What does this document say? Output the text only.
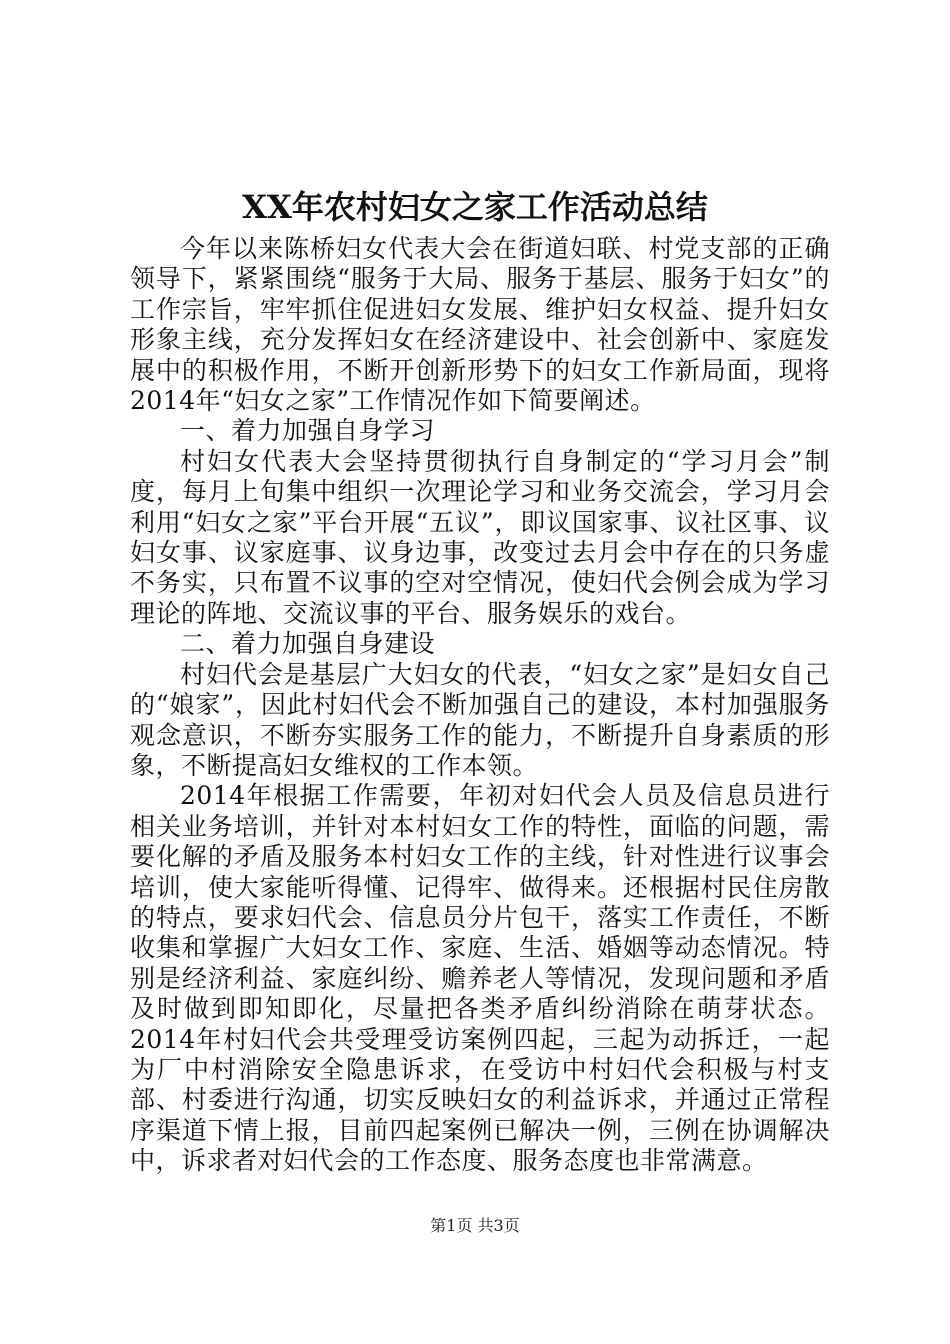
XX年农村妇女之家工作活动总结

今年以来陈桥妇女代表大会在街道妇联、村党支部的正确领导下，紧紧围绕“服务于大局、服务于基层、服务于妇女”的工作宗旨，牢牢抓住促进妇女发展、维护妇女权益、提升妇女形象主线，充分发挥妇女在经济建设中、社会创新中、家庭发展中的积极作用，不断开创新形势下的妇女工作新局面，现将2014年“妇女之家”工作情况作如下简要阐述。

一、着力加强自身学习

村妇女代表大会坚持贯彻执行自身制定的“学习月会”制度，每月上旬集中组织一次理论学习和业务交流会，学习月会利用“妇女之家”平台开展“五议”，即议国家事、议社区事、议妇女事、议家庭事、议身边事，改变过去月会中存在的只务虚不务实，只布置不议事的空对空情况，使妇代会例会成为学习理论的阵地、交流议事的平台、服务娱乐的戏台。

二、着力加强自身建设

村妇代会是基层广大妇女的代表，“妇女之家”是妇女自己的“娘家”，因此村妇代会不断加强自己的建设，本村加强服务观念意识，不断夯实服务工作的能力，不断提升自身素质的形象，不断提高妇女维权的工作本领。

2014年根据工作需要，年初对妇代会人员及信息员进行相关业务培训，并针对本村妇女工作的特性，面临的问题，需要化解的矛盾及服务本村妇女工作的主线，针对性进行议事会培训，使大家能听得懂、记得牢、做得来。还根据村民住房散的特点，要求妇代会、信息员分片包干，落实工作责任，不断收集和掌握广大妇女工作、家庭、生活、婚姻等动态情况。特别是经济利益、家庭纠纷、赡养老人等情况，发现问题和矛盾及时做到即知即化，尽量把各类矛盾纠纷消除在萌芽状态。2014年村妇代会共受理受访案例四起，三起为动拆迁，一起为厂中村消除安全隐患诉求，在受访中村妇代会积极与村支部、村委进行沟通，切实反映妇女的利益诉求，并通过正常程序渠道下情上报，目前四起案例已解决一例，三例在协调解决中，诉求者对妇代会的工作态度、服务态度也非常满意。

第1页 共3页
